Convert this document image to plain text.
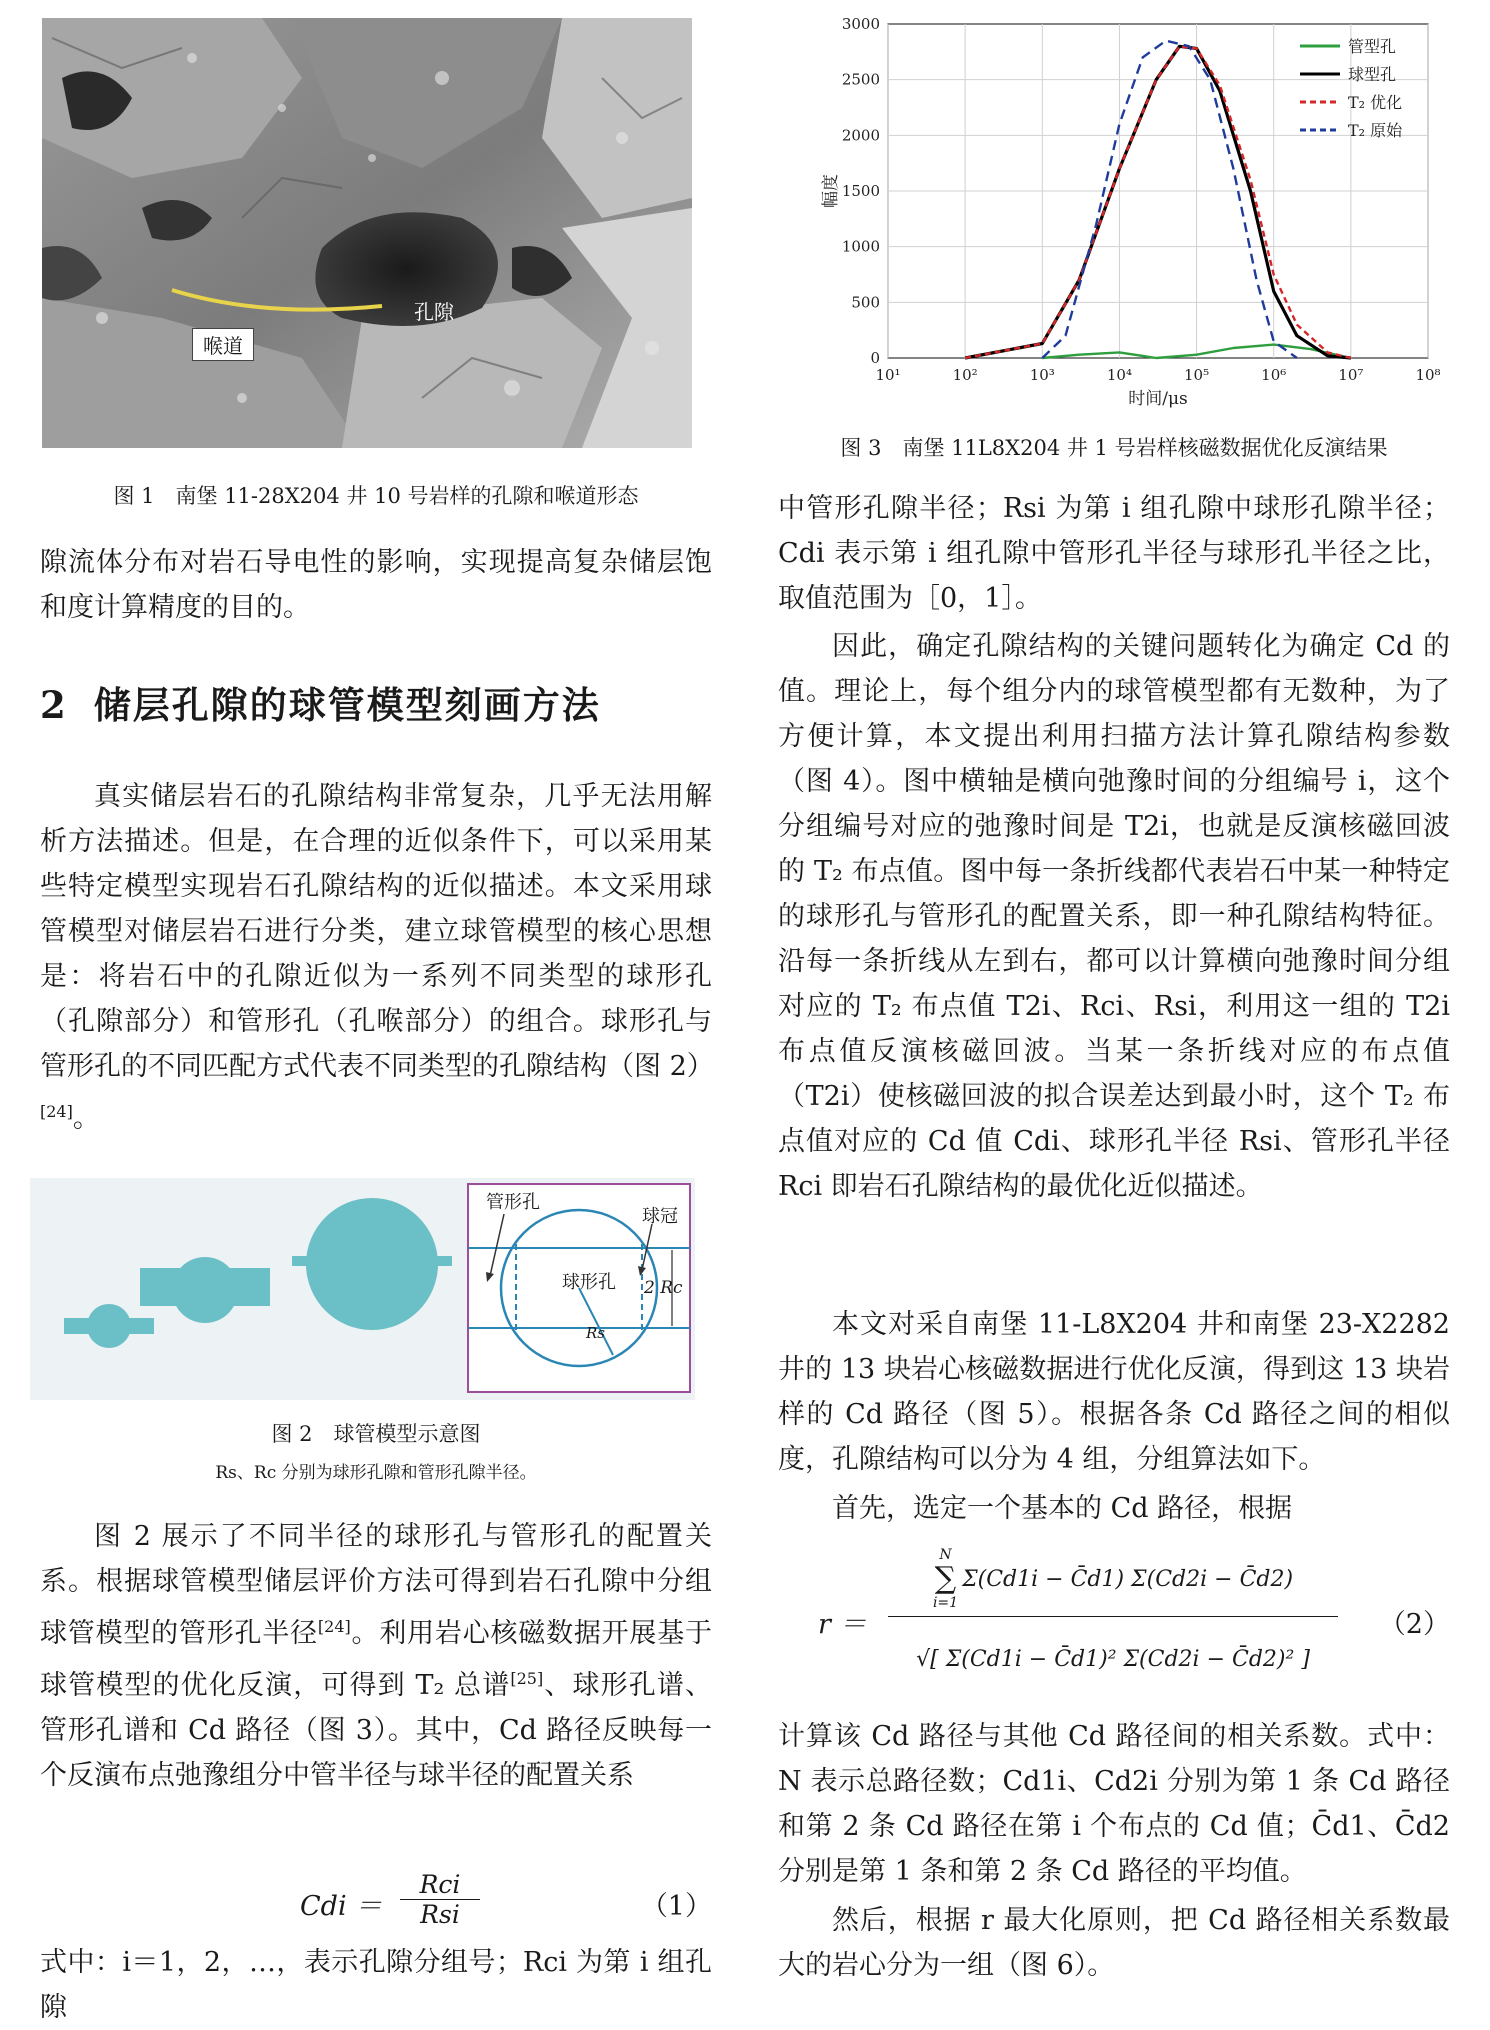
孔隙
喉道

图 1　南堡 11-28X204 井 10 号岩样的孔隙和喉道形态

隙流体分布对岩石导电性的影响，实现提高复杂储层饱和度计算精度的目的。

2 储层孔隙的球管模型刻画方法

真实储层岩石的孔隙结构非常复杂，几乎无法用解析方法描述。但是，在合理的近似条件下，可以采用某些特定模型实现岩石孔隙结构的近似描述。本文采用球管模型对储层岩石进行分类，建立球管模型的核心思想是：将岩石中的孔隙近似为一系列不同类型的球形孔（孔隙部分）和管形孔（孔喉部分）的组合。球形孔与管形孔的不同匹配方式代表不同类型的孔隙结构（图 2）[24]。

管形孔
球冠
球形孔 2 Rc
Rs

图 2　球管模型示意图

Rs、Rc 分别为球形孔隙和管形孔隙半径。

图 2 展示了不同半径的球形孔与管形孔的配置关系。根据球管模型储层评价方法可得到岩石孔隙中分组球管模型的管形孔半径[24]。利用岩心核磁数据开展基于球管模型的优化反演，可得到 T₂ 总谱[25]、球形孔谱、管形孔谱和 Cd 路径（图 3）。其中，Cd 路径反映每一个反演布点弛豫组分中管半径与球半径的配置关系

Cdi ＝
Rci
Rsi	（1）

式中：i＝1，2，…，表示孔隙分组号；Rci 为第 i 组孔隙

10¹	10²	10³	10⁴	10⁵	10⁶	10⁷	10⁸
0
500
1000
1500
2000
2500
3000
时间/μs
幅度
管型孔
球型孔
T₂ 优化
T₂ 原始

图 3　南堡 11L8X204 井 1 号岩样核磁数据优化反演结果

中管形孔隙半径；Rsi 为第 i 组孔隙中球形孔隙半径；Cdi 表示第 i 组孔隙中管形孔半径与球形孔半径之比，取值范围为［0，1］。

因此，确定孔隙结构的关键问题转化为确定 Cd 的值。理论上，每个组分内的球管模型都有无数种，为了方便计算，本文提出利用扫描方法计算孔隙结构参数（图 4）。图中横轴是横向弛豫时间的分组编号 i，这个分组编号对应的弛豫时间是 T2i，也就是反演核磁回波的 T₂ 布点值。图中每一条折线都代表岩石中某一种特定的球形孔与管形孔的配置关系，即一种孔隙结构特征。沿每一条折线从左到右，都可以计算横向弛豫时间分组对应的 T₂ 布点值 T2i、Rci、Rsi，利用这一组的 T2i 布点值反演核磁回波。当某一条折线对应的布点值（T2i）使核磁回波的拟合误差达到最小时，这个 T₂ 布点值对应的 Cd 值 Cdi、球形孔半径 Rsi、管形孔半径 Rci 即岩石孔隙结构的最优化近似描述。

本文对采自南堡 11-L8X204 井和南堡 23-X2282 井的 13 块岩心核磁数据进行优化反演，得到这 13 块岩样的 Cd 路径（图 5）。根据各条 Cd 路径之间的相似度，孔隙结构可以分为 4 组，分组算法如下。

首先，选定一个基本的 Cd 路径，根据

r ＝
N
∑
i=1
Σ(Cd1i − C̄d1) Σ(Cd2i − C̄d2)
√[ Σ(Cd1i − C̄d1)² Σ(Cd2i − C̄d2)² ]
（2）

计算该 Cd 路径与其他 Cd 路径间的相关系数。式中：N 表示总路径数；Cd1i、Cd2i 分别为第 1 条 Cd 路径和第 2 条 Cd 路径在第 i 个布点的 Cd 值；C̄d1、C̄d2 分别是第 1 条和第 2 条 Cd 路径的平均值。

然后，根据 r 最大化原则，把 Cd 路径相关系数最大的岩心分为一组（图 6）。
